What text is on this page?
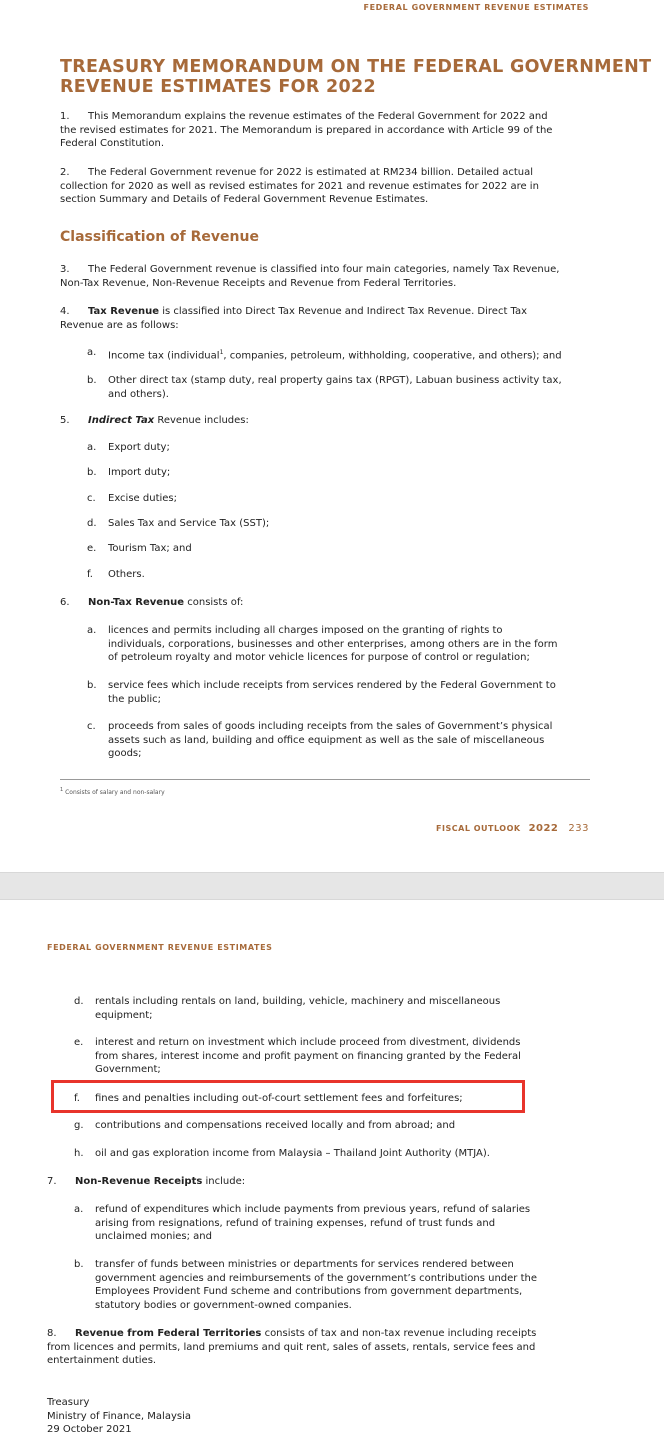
FEDERAL GOVERNMENT REVENUE ESTIMATES
TREASURY MEMORANDUM ON THE FEDERAL GOVERNMENT
REVENUE ESTIMATES FOR 2022
1. This Memorandum explains the revenue estimates of the Federal Government for 2022 and
the revised estimates for 2021. The Memorandum is prepared in accordance with Article 99 of the
Federal Constitution.
2. The Federal Government revenue for 2022 is estimated at RM234 billion. Detailed actual
collection for 2020 as well as revised estimates for 2021 and revenue estimates for 2022 are in
section Summary and Details of Federal Government Revenue Estimates.
Classification of Revenue
3. The Federal Government revenue is classified into four main categories, namely Tax Revenue,
Non-Tax Revenue, Non-Revenue Receipts and Revenue from Federal Territories.
4. Tax Revenue is classified into Direct Tax Revenue and Indirect Tax Revenue. Direct Tax
Revenue are as follows:
a. Income tax (individual$^1$, companies, petroleum, withholding, cooperative, and others); and
b. Other direct tax (stamp duty, real property gains tax (RPGT), Labuan business activity tax,
and others).
5. Indirect Tax Revenue includes:
a. Export duty;
b. Import duty;
c. Excise duties;
d. Sales Tax and Service Tax (SST);
e. Tourism Tax; and
f. Others.
6. Non-Tax Revenue consists of:
a. licences and permits including all charges imposed on the granting of rights to
individuals, corporations, businesses and other enterprises, among others are in the form
of petroleum royalty and motor vehicle licences for purpose of control or regulation;
b. service fees which include receipts from services rendered by the Federal Government to
the public;
c. proceeds from sales of goods including receipts from the sales of Government’s physical
assets such as land, building and office equipment as well as the sale of miscellaneous
goods;
$^1$ Consists of salary and non-salary
FISCAL OUTLOOK 2022 233
FEDERAL GOVERNMENT REVENUE ESTIMATES
d. rentals including rentals on land, building, vehicle, machinery and miscellaneous
equipment;
e. interest and return on investment which include proceed from divestment, dividends
from shares, interest income and profit payment on financing granted by the Federal
Government;
f. fines and penalties including out-of-court settlement fees and forfeitures;
g. contributions and compensations received locally and from abroad; and
h. oil and gas exploration income from Malaysia – Thailand Joint Authority (MTJA).
7. Non-Revenue Receipts include:
a. refund of expenditures which include payments from previous years, refund of salaries
arising from resignations, refund of training expenses, refund of trust funds and
unclaimed monies; and
b. transfer of funds between ministries or departments for services rendered between
government agencies and reimbursements of the government’s contributions under the
Employees Provident Fund scheme and contributions from government departments,
statutory bodies or government-owned companies.
8. Revenue from Federal Territories consists of tax and non-tax revenue including receipts
from licences and permits, land premiums and quit rent, sales of assets, rentals, service fees and
entertainment duties.
Treasury
Ministry of Finance, Malaysia
29 October 2021
